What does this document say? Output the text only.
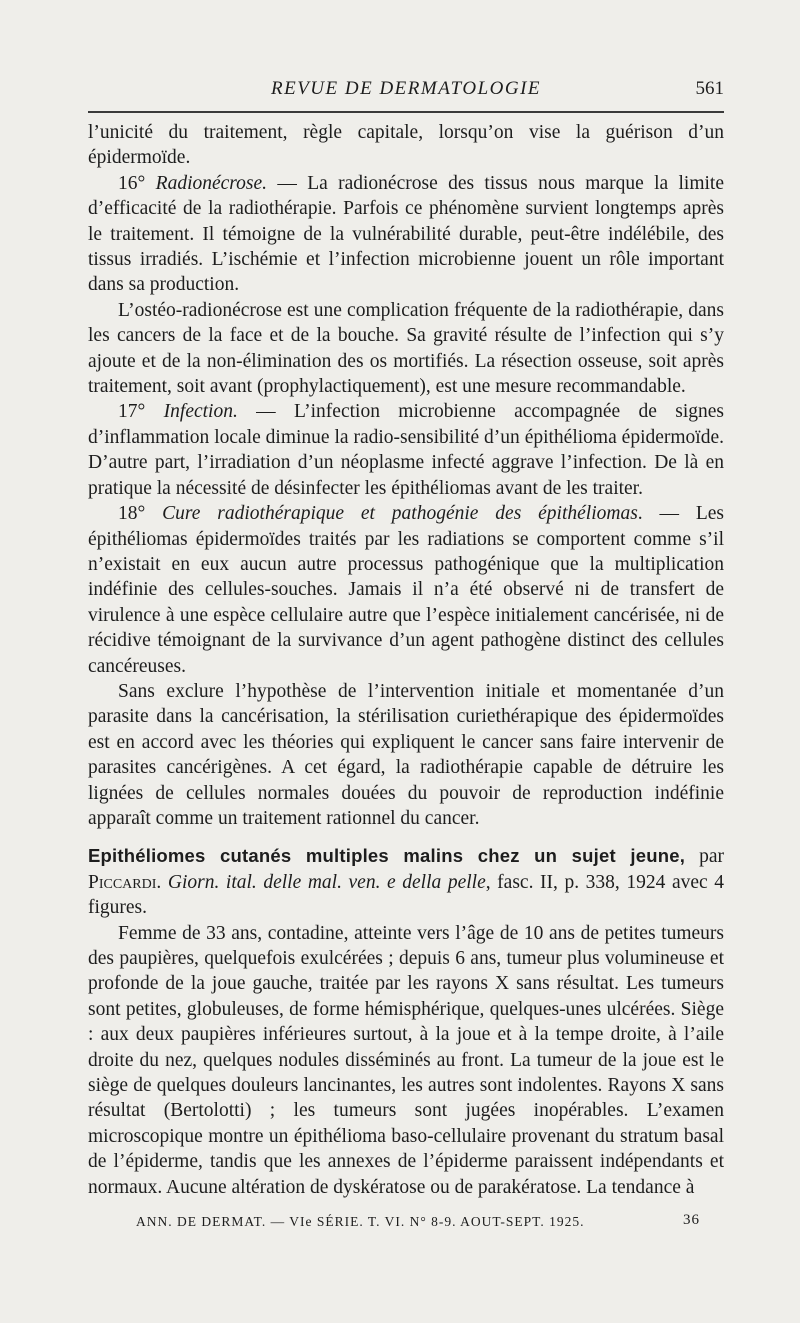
REVUE DE DERMATOLOGIE	561

l’unicité du traitement, règle capitale, lorsqu’on vise la guérison d’un épidermoïde.

16° Radionécrose. — La radionécrose des tissus nous marque la limite d’efficacité de la radiothérapie. Parfois ce phénomène survient longtemps après le traitement. Il témoigne de la vulnérabilité durable, peut-être indélébile, des tissus irradiés. L’ischémie et l’infection microbienne jouent un rôle important dans sa production.

L’ostéo-radionécrose est une complication fréquente de la radiothérapie, dans les cancers de la face et de la bouche. Sa gravité résulte de l’infection qui s’y ajoute et de la non-élimination des os mortifiés. La résection osseuse, soit après traitement, soit avant (prophylactiquement), est une mesure recommandable.

17° Infection. — L’infection microbienne accompagnée de signes d’inflammation locale diminue la radio-sensibilité d’un épithélioma épidermoïde. D’autre part, l’irradiation d’un néoplasme infecté aggrave l’infection. De là en pratique la nécessité de désinfecter les épithéliomas avant de les traiter.

18° Cure radiothérapique et pathogénie des épithéliomas. — Les épithéliomas épidermoïdes traités par les radiations se comportent comme s’il n’existait en eux aucun autre processus pathogénique que la multiplication indéfinie des cellules-souches. Jamais il n’a été observé ni de transfert de virulence à une espèce cellulaire autre que l’espèce initialement cancérisée, ni de récidive témoignant de la survivance d’un agent pathogène distinct des cellules cancéreuses.

Sans exclure l’hypothèse de l’intervention initiale et momentanée d’un parasite dans la cancérisation, la stérilisation curiethérapique des épidermoïdes est en accord avec les théories qui expliquent le cancer sans faire intervenir de parasites cancérigènes. A cet égard, la radiothérapie capable de détruire les lignées de cellules normales douées du pouvoir de reproduction indéfinie apparaît comme un traitement rationnel du cancer.

Epithéliomes cutanés multiples malins chez un sujet jeune, par Piccardi. Giorn. ital. delle mal. ven. e della pelle, fasc. II, p. 338, 1924 avec 4 figures.

Femme de 33 ans, contadine, atteinte vers l’âge de 10 ans de petites tumeurs des paupières, quelquefois exulcérées ; depuis 6 ans, tumeur plus volumineuse et profonde de la joue gauche, traitée par les rayons X sans résultat. Les tumeurs sont petites, globuleuses, de forme hémisphérique, quelques-unes ulcérées. Siège : aux deux paupières inférieures surtout, à la joue et à la tempe droite, à l’aile droite du nez, quelques nodules disséminés au front. La tumeur de la joue est le siège de quelques douleurs lancinantes, les autres sont indolentes. Rayons X sans résultat (Bertolotti) ; les tumeurs sont jugées inopérables. L’examen microscopique montre un épithélioma baso-cellulaire provenant du stratum basal de l’épiderme, tandis que les annexes de l’épiderme paraissent indépendants et normaux. Aucune altération de dyskératose ou de parakératose. La tendance à

ANN. DE DERMAT. — VIe SÉRIE. T. VI. N° 8-9. AOUT-SEPT. 1925.	36
